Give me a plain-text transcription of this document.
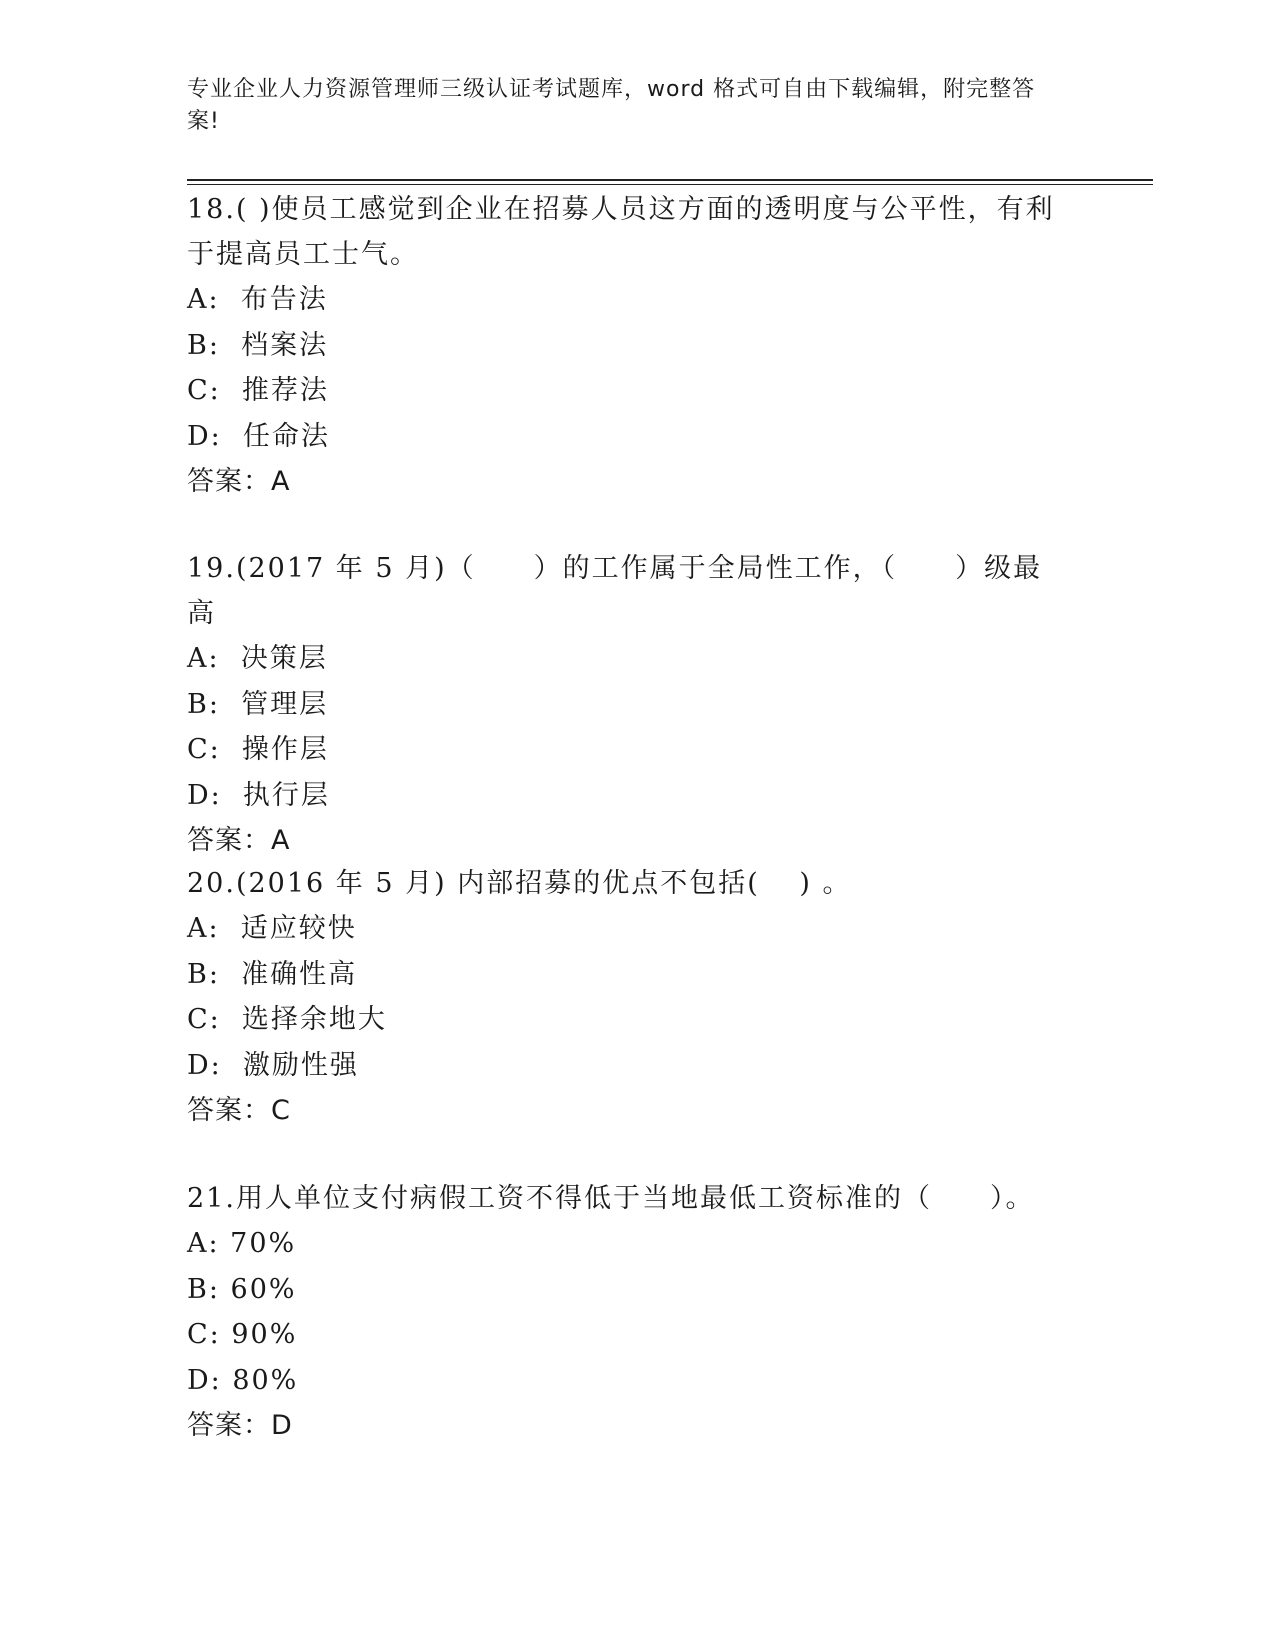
专业企业人力资源管理师三级认证考试题库，word 格式可自由下载编辑，附完整答案!

18.( )使员工感觉到企业在招募人员这方面的透明度与公平性，有利于提高员工士气。

A:  布告法

B:  档案法

C:  推荐法

D:  任命法

答案：A

19.(2017 年 5 月)（　　）的工作属于全局性工作，（　　）级最高

A:  决策层

B:  管理层

C:  操作层

D:  执行层

答案：A

20.(2016 年 5 月) 内部招募的优点不包括(　 ) 。

A:  适应较快

B:  准确性高

C:  选择余地大

D:  激励性强

答案：C

21.用人单位支付病假工资不得低于当地最低工资标准的（　　）。

A: 70%

B: 60%

C: 90%

D: 80%

答案：D
